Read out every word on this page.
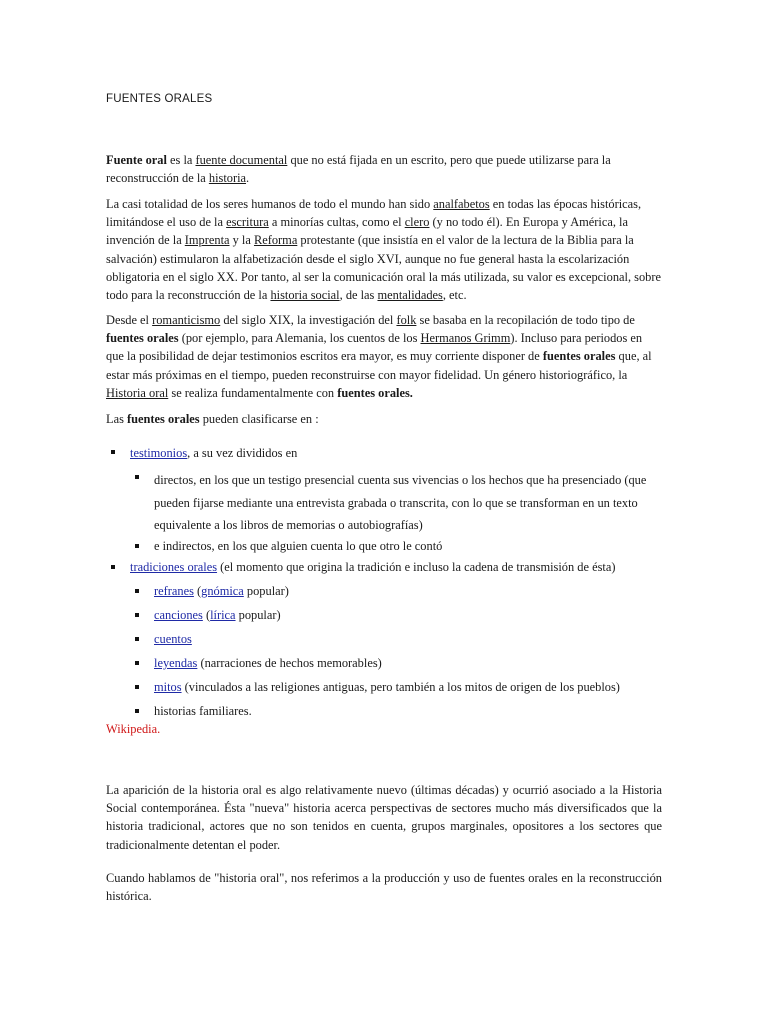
FUENTES ORALES

Fuente oral es la fuente documental que no está fijada en un escrito, pero que puede utilizarse para la reconstrucción de la historia.

La casi totalidad de los seres humanos de todo el mundo han sido analfabetos en todas las épocas históricas, limitándose el uso de la escritura a minorías cultas, como el clero (y no todo él). En Europa y América, la invención de la Imprenta y la Reforma protestante (que insistía en el valor de la lectura de la Biblia para la salvación) estimularon la alfabetización desde el siglo XVI, aunque no fue general hasta la escolarización obligatoria en el siglo XX. Por tanto, al ser la comunicación oral la más utilizada, su valor es excepcional, sobre todo para la reconstrucción de la historia social, de las mentalidades, etc.

Desde el romanticismo del siglo XIX, la investigación del folk se basaba en la recopilación de todo tipo de fuentes orales (por ejemplo, para Alemania, los cuentos de los Hermanos Grimm). Incluso para periodos en que la posibilidad de dejar testimonios escritos era mayor, es muy corriente disponer de fuentes orales que, al estar más próximas en el tiempo, pueden reconstruirse con mayor fidelidad. Un género historiográfico, la Historia oral se realiza fundamentalmente con fuentes orales.

Las fuentes orales pueden clasificarse en :

testimonios, a su vez divididos en
directos, en los que un testigo presencial cuenta sus vivencias o los hechos que ha presenciado (que pueden fijarse mediante una entrevista grabada o transcrita, con lo que se transforman en un texto equivalente a los libros de memorias o autobiografías)
e indirectos, en los que alguien cuenta lo que otro le contó
tradiciones orales (el momento que origina la tradición e incluso la cadena de transmisión de ésta)
refranes (gnómica popular)
canciones (lírica popular)
cuentos
leyendas (narraciones de hechos memorables)
mitos (vinculados a las religiones antiguas, pero también a los mitos de origen de los pueblos)
historias familiares.
Wikipedia.

La aparición de la historia oral es algo relativamente nuevo (últimas décadas) y ocurrió asociado a la Historia Social contemporánea. Ésta "nueva" historia acerca perspectivas de sectores mucho más diversificados que la historia tradicional, actores que no son tenidos en cuenta, grupos marginales, opositores a los sectores que tradicionalmente detentan el poder.

Cuando hablamos de "historia oral", nos referimos a la producción y uso de fuentes orales en la reconstrucción histórica.
